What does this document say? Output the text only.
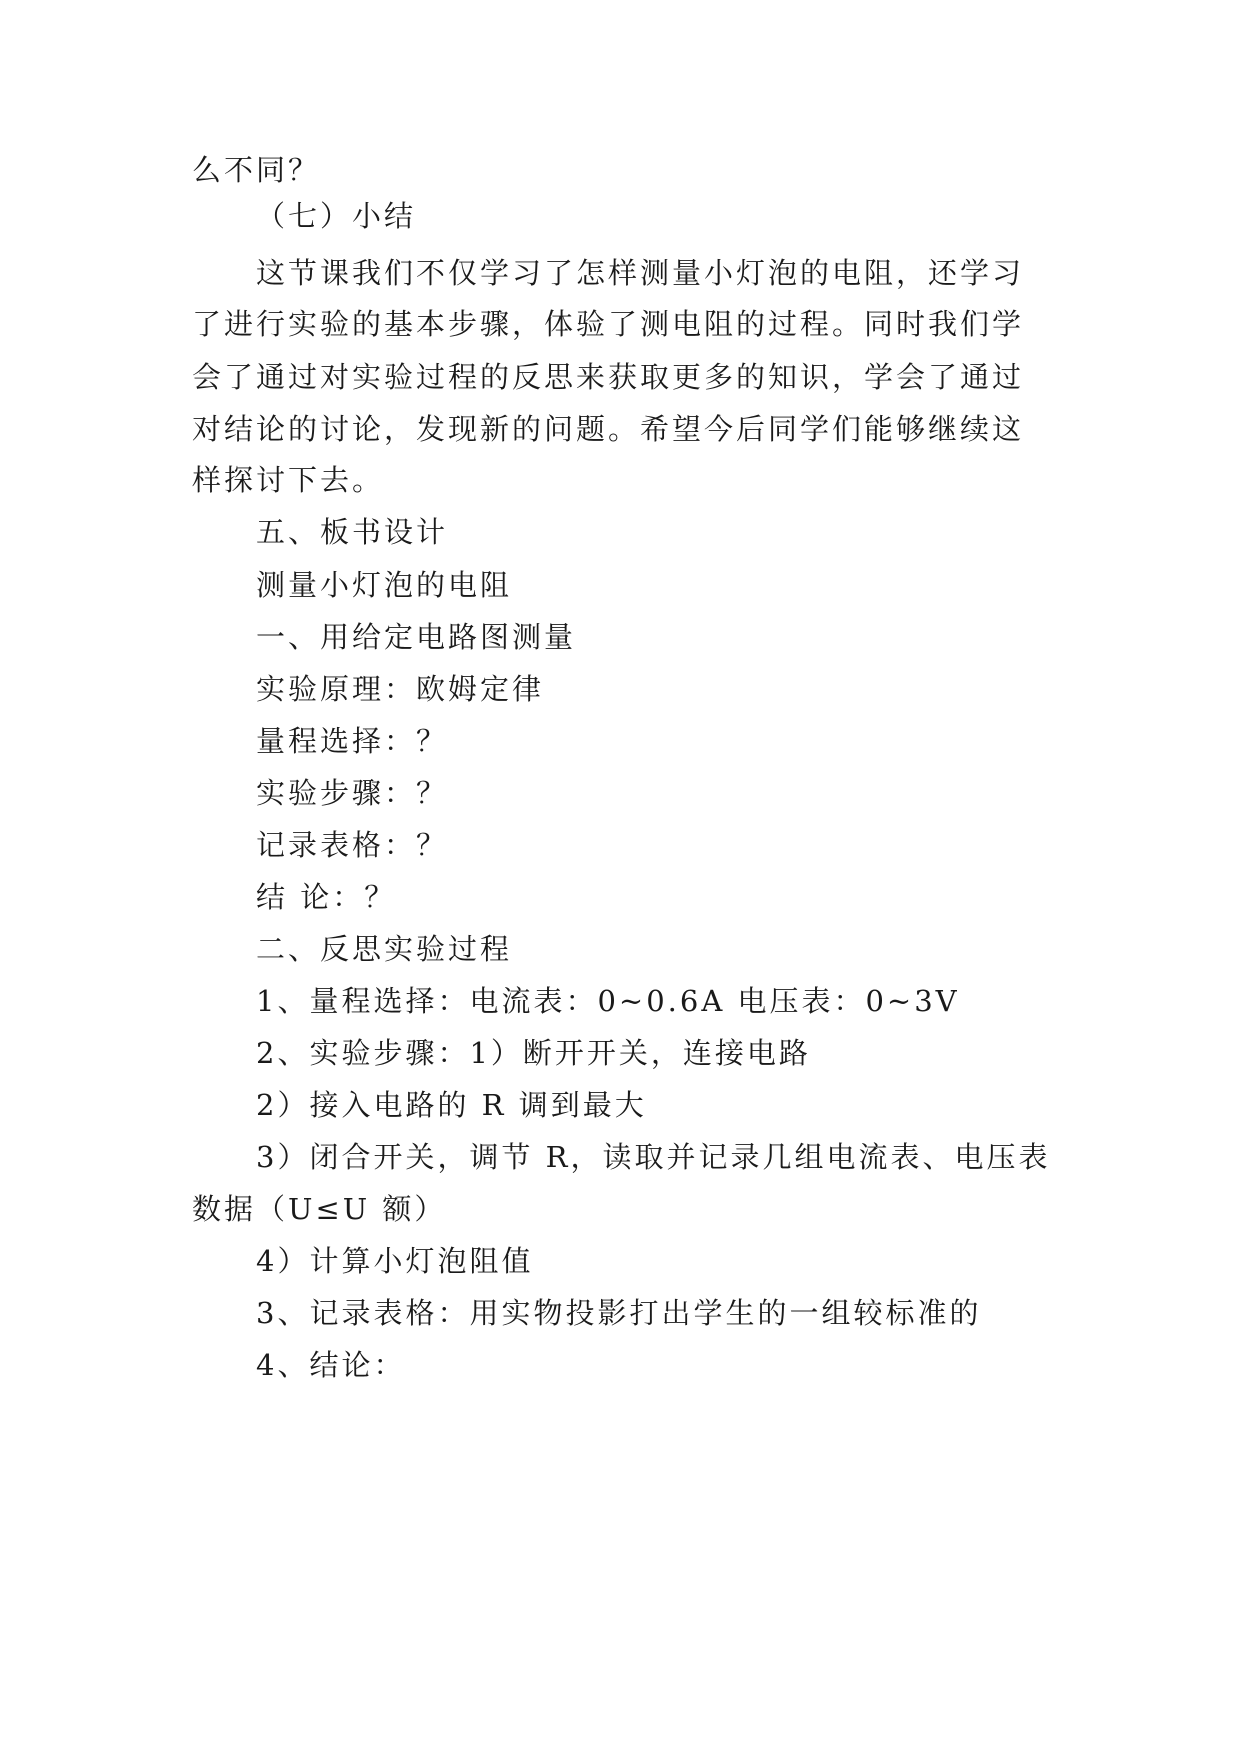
么不同？
（七）小结
这节课我们不仅学习了怎样测量小灯泡的电阻，还学习
了进行实验的基本步骤，体验了测电阻的过程。同时我们学
会了通过对实验过程的反思来获取更多的知识，学会了通过
对结论的讨论，发现新的问题。希望今后同学们能够继续这
样探讨下去。
五、板书设计
测量小灯泡的电阻
一、用给定电路图测量
实验原理：欧姆定律
量程选择：？
实验步骤：？
记录表格：？
结 论：？
二、反思实验过程
1、量程选择：电流表：0~0.6A 电压表：0~3V
2、实验步骤：1）断开开关，连接电路
2）接入电路的 R 调到最大
3）闭合开关，调节 R，读取并记录几组电流表、电压表
数据（U≤U 额）
4）计算小灯泡阻值
3、记录表格：用实物投影打出学生的一组较标准的
4、结论：
